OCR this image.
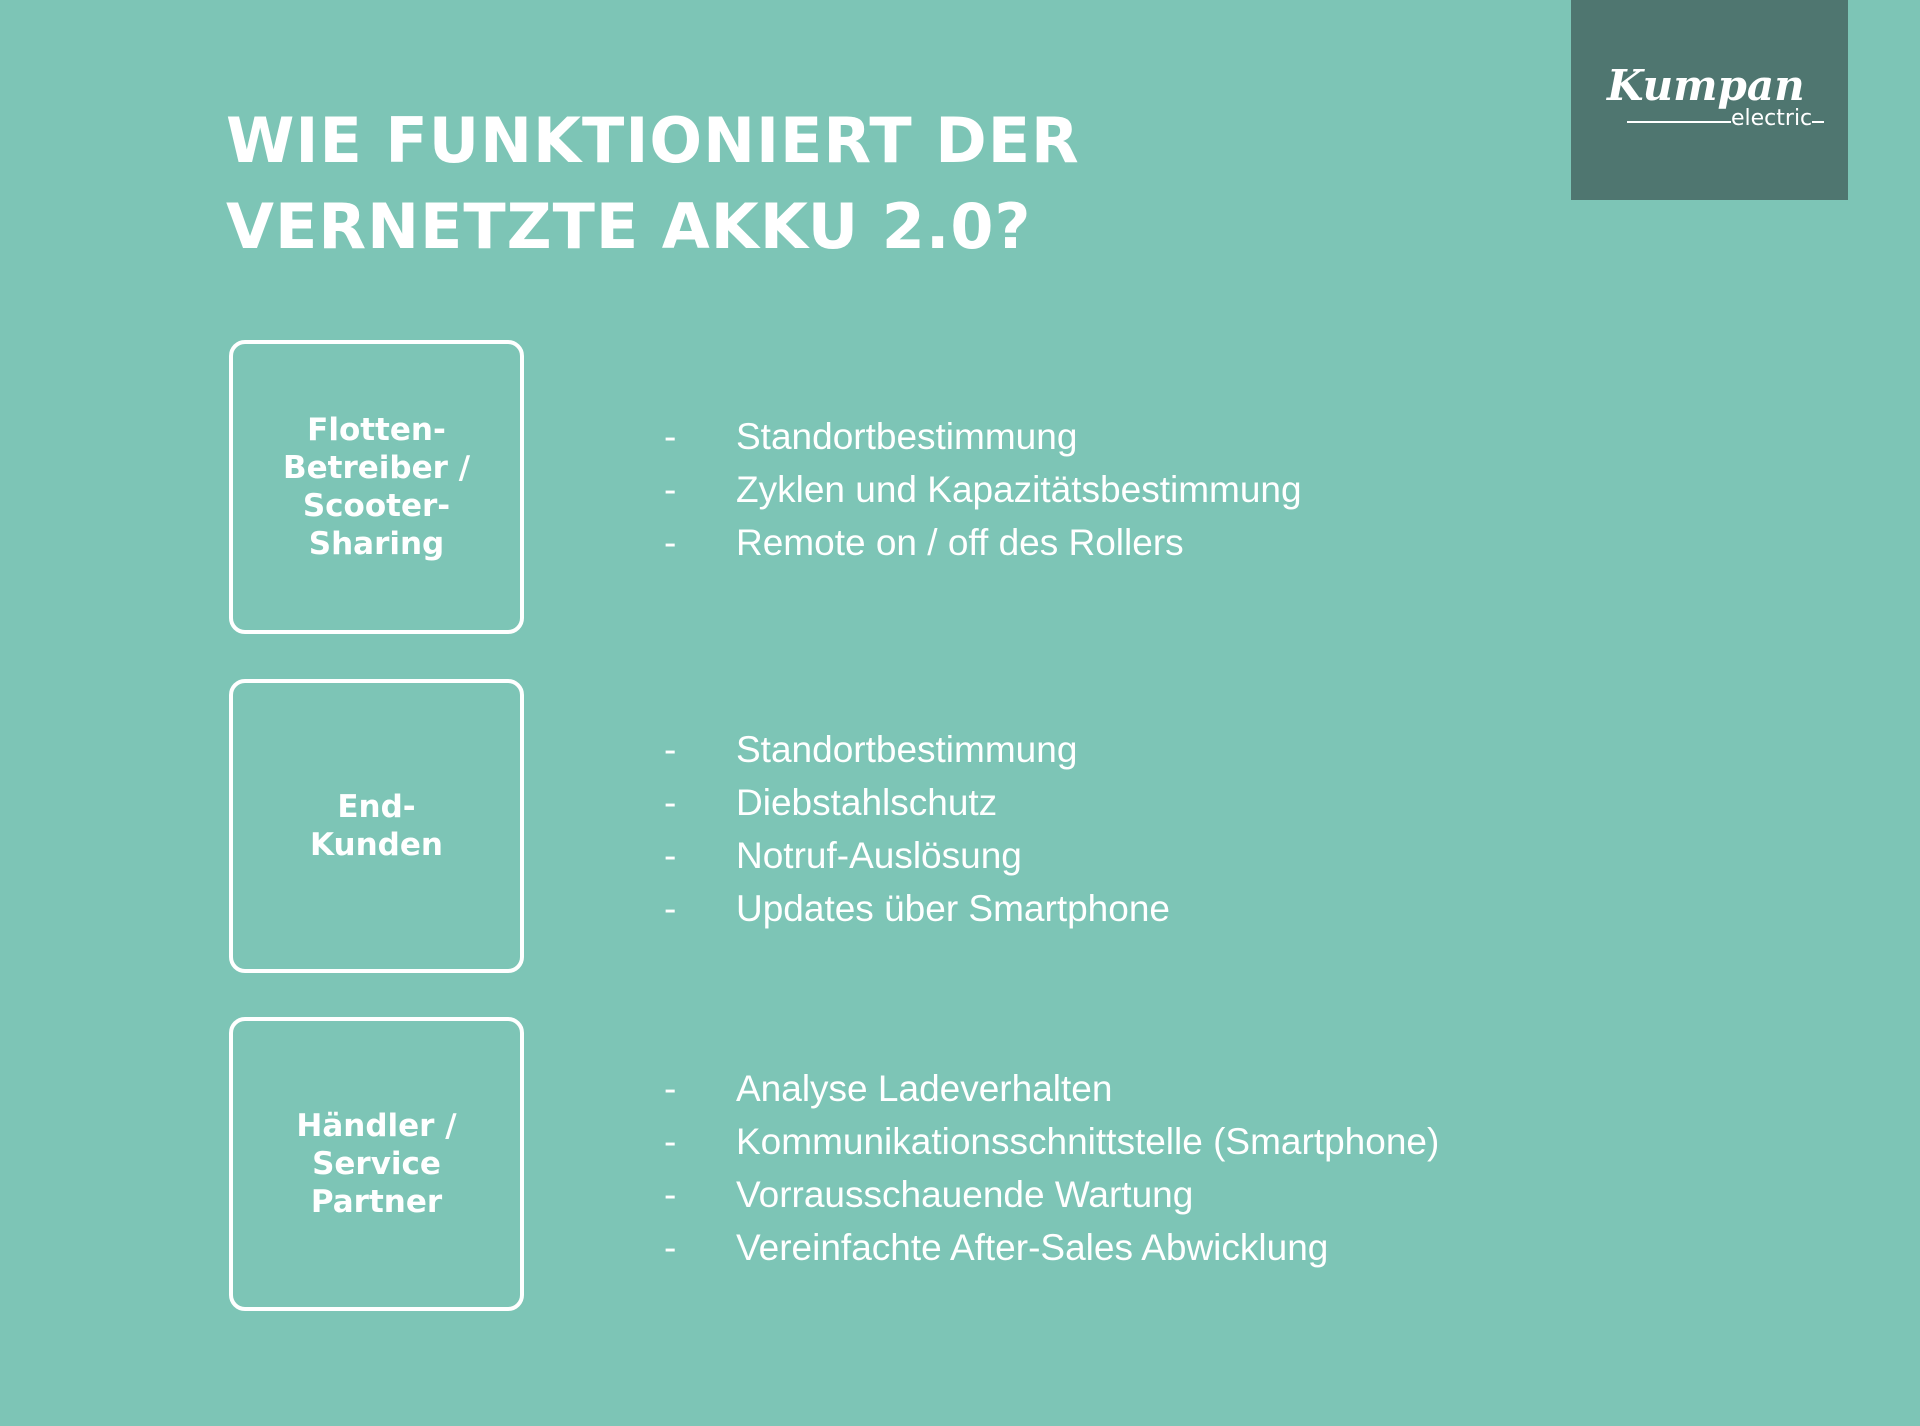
WIE FUNKTIONIERT DER
VERNETZTE AKKU 2.0?
Kumpan
electric
Flotten-
Betreiber /
Scooter-
Sharing
- Standortbestimmung
- Zyklen und Kapazitätsbestimmung
- Remote on / off des Rollers
End-
Kunden
- Standortbestimmung
- Diebstahlschutz
- Notruf-Auslösung
- Updates über Smartphone
Händler /
Service
Partner
- Analyse Ladeverhalten
- Kommunikationsschnittstelle (Smartphone)
- Vorrausschauende Wartung
- Vereinfachte After-Sales Abwicklung
